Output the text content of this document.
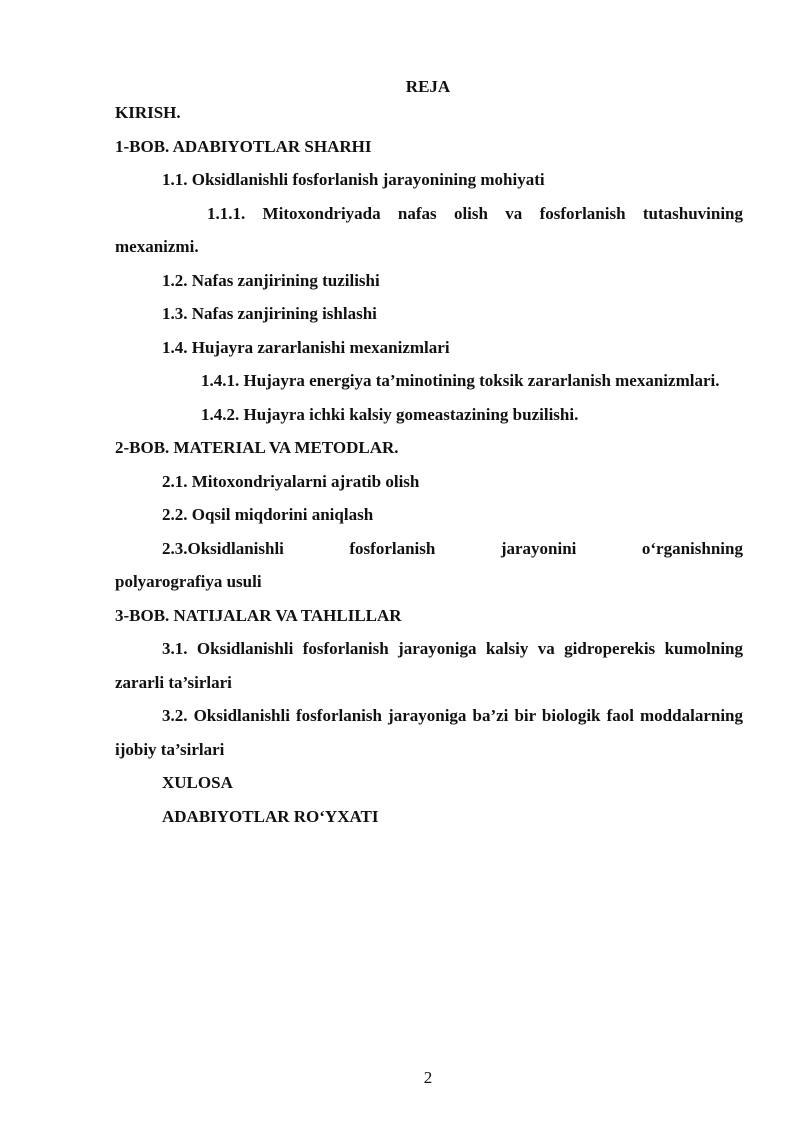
REJA
KIRISH.
1-BOB. ADABIYOTLAR SHARHI
1.1. Oksidlanishli fosforlanish jarayonining mohiyati
1.1.1. Mitoxondriyada nafas olish va fosforlanish tutashuvining mexanizmi.
1.2. Nafas zanjirining tuzilishi
1.3. Nafas zanjirining ishlashi
1.4. Hujayra zararlanishi mexanizmlari
1.4.1. Hujayra energiya ta’minotining toksik zararlanish mexanizmlari.
1.4.2. Hujayra ichki kalsiy gomeastazining buzilishi.
2-BOB. MATERIAL VA METODLAR.
2.1. Mitoxondriyalarni ajratib olish
2.2. Oqsil miqdorini aniqlash
2.3.Oksidlanishli	fosforlanish	jarayonini	o‘rganishning
polyarografiya usuli
3-BOB. NATIJALAR VA TAHLILLAR
3.1. Oksidlanishli fosforlanish jarayoniga kalsiy va gidroperekis kumolning zararli ta’sirlari
3.2. Oksidlanishli fosforlanish jarayoniga ba’zi bir biologik faol moddalarning ijobiy ta’sirlari
XULOSA
ADABIYOTLAR RO‘YXATI
2
